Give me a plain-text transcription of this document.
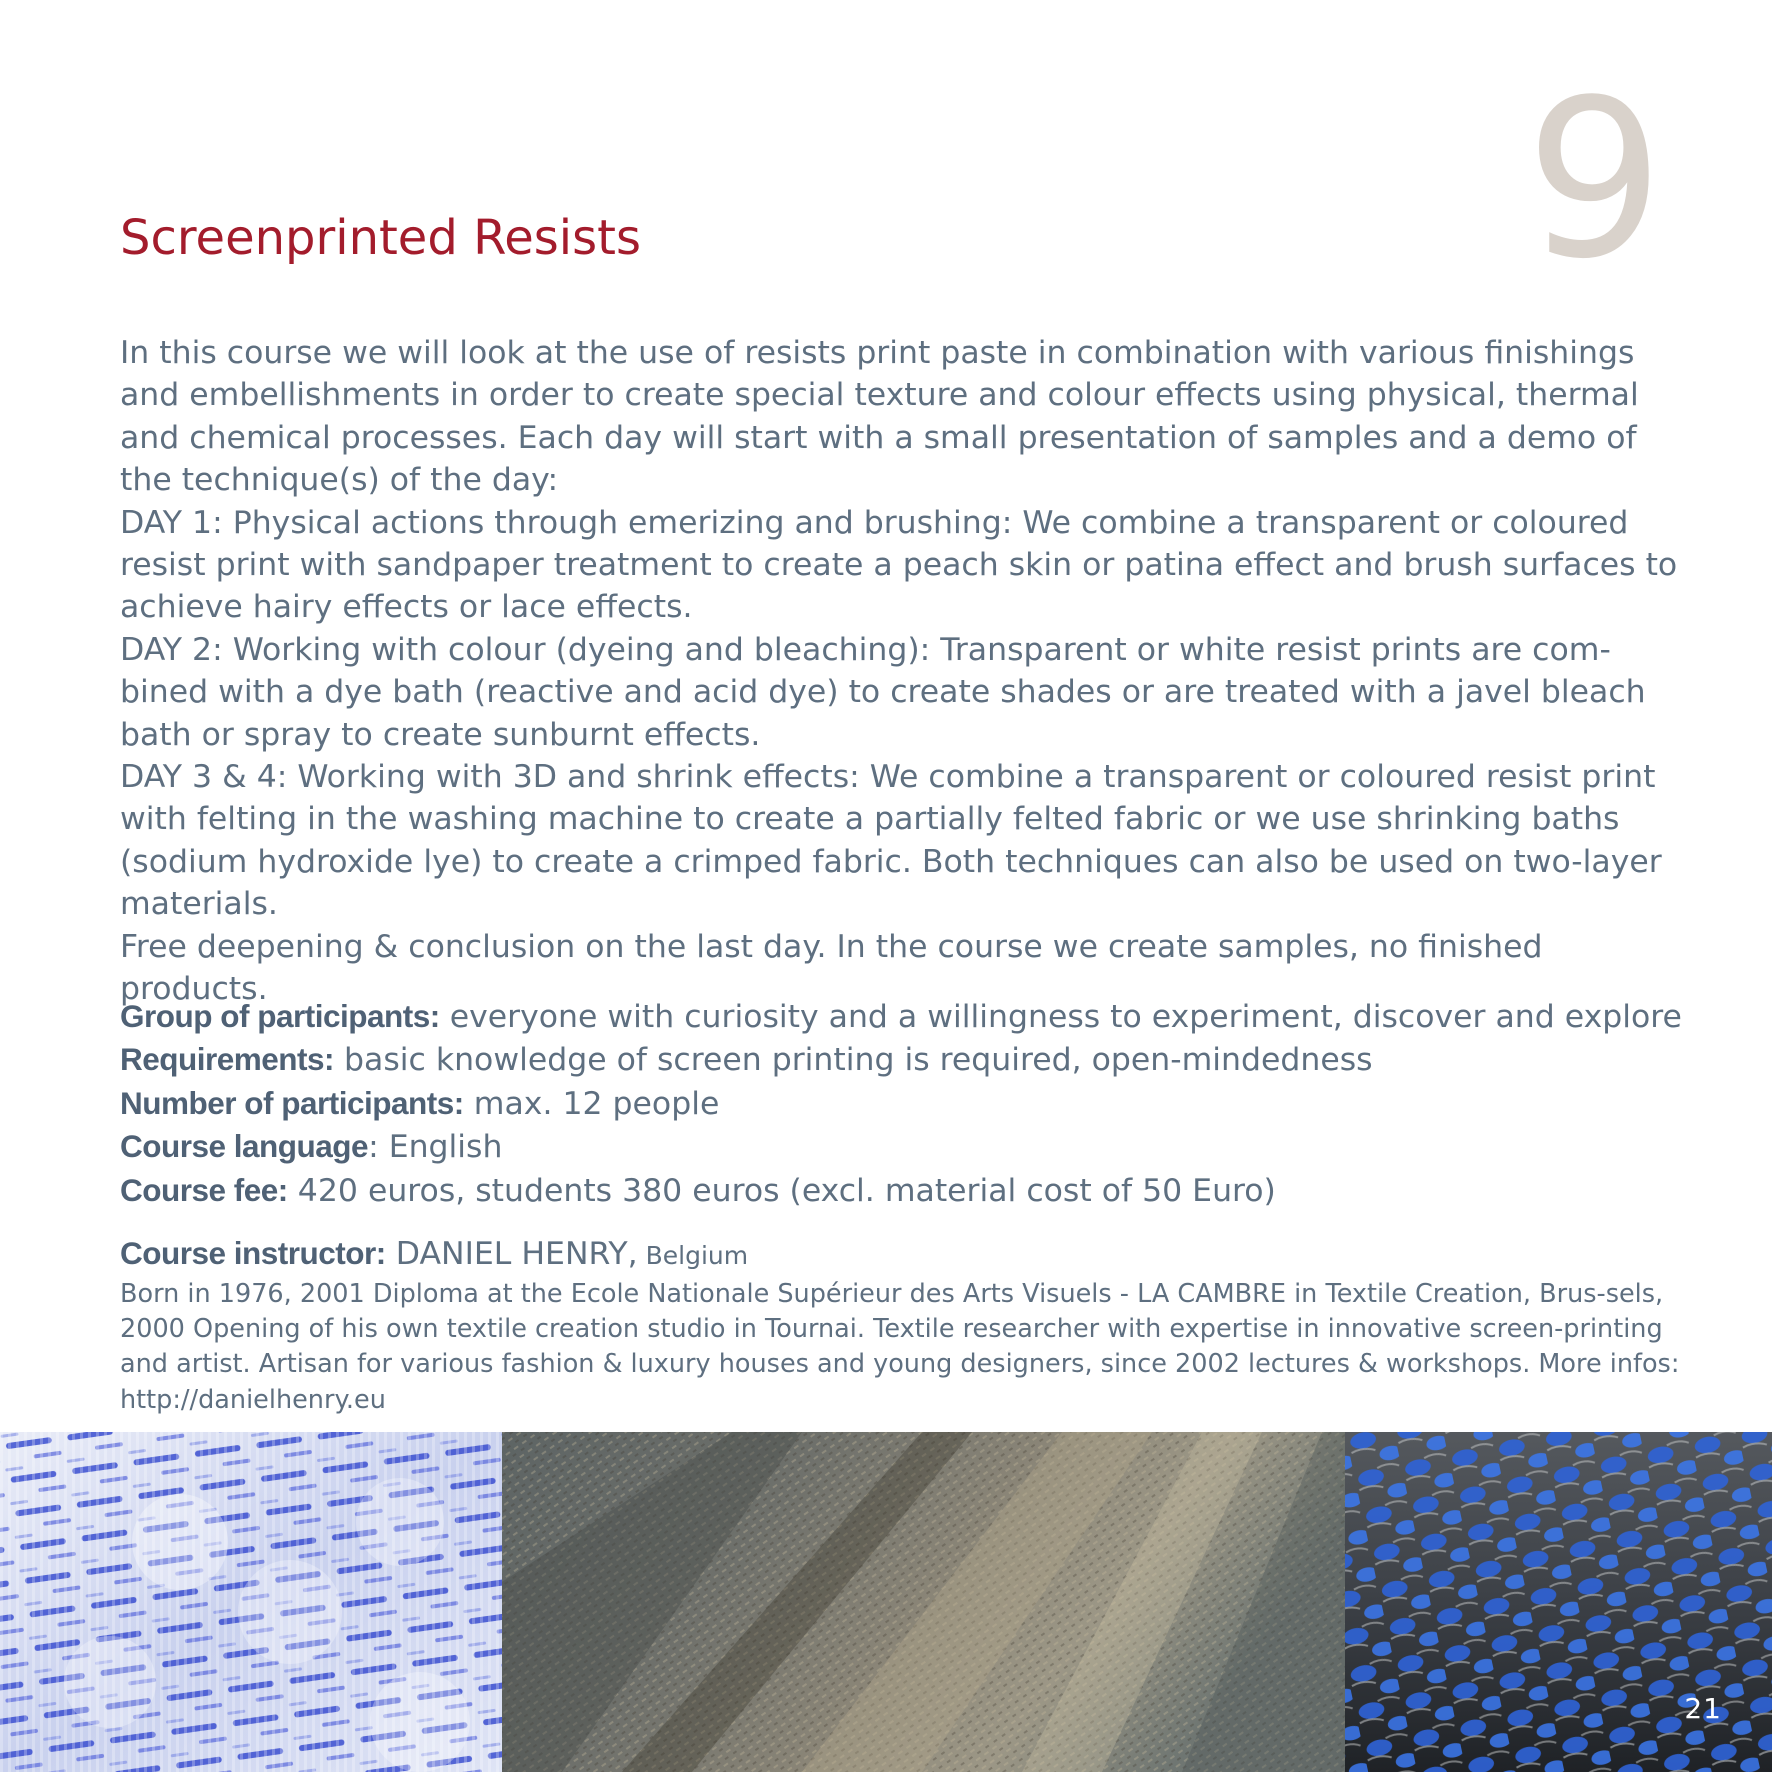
9
Screenprinted Resists

In this course we will look at the use of resists print paste in combination with various finishings and embellishments in order to create special texture and colour effects using physical, thermal and chemical processes. Each day will start with a small presentation of samples and a demo of the technique(s) of the day:

DAY 1: Physical actions through emerizing and brushing: We combine a transparent or coloured resist print with sandpaper treatment to create a peach skin or patina effect and brush surfaces to achieve hairy effects or lace effects.

DAY 2: Working with colour (dyeing and bleaching): Transparent or white resist prints are com-bined with a dye bath (reactive and acid dye) to create shades or are treated with a javel bleach bath or spray to create sunburnt effects.

DAY 3 & 4: Working with 3D and shrink effects: We combine a transparent or coloured resist print with felting in the washing machine to create a partially felted fabric or we use shrinking baths (sodium hydroxide lye) to create a crimped fabric. Both techniques can also be used on two-layer materials.

Free deepening & conclusion on the last day. In the course we create samples, no finished products.

Group of participants: everyone with curiosity and a willingness to experiment, discover and explore

Requirements: basic knowledge of screen printing is required, open-mindedness

Number of participants: max. 12 people

Course language: English

Course fee: 420 euros, students 380 euros (excl. material cost of 50 Euro)

Course instructor: DANIEL HENRY, Belgium

Born in 1976, 2001 Diploma at the Ecole Nationale Supérieur des Arts Visuels - LA CAMBRE in Textile Creation, Brus-sels, 2000 Opening of his own textile creation studio in Tournai. Textile researcher with expertise in innovative screen-printing and artist. Artisan for various fashion & luxury houses and young designers, since 2002 lectures & workshops. More infos: http://danielhenry.eu

21
